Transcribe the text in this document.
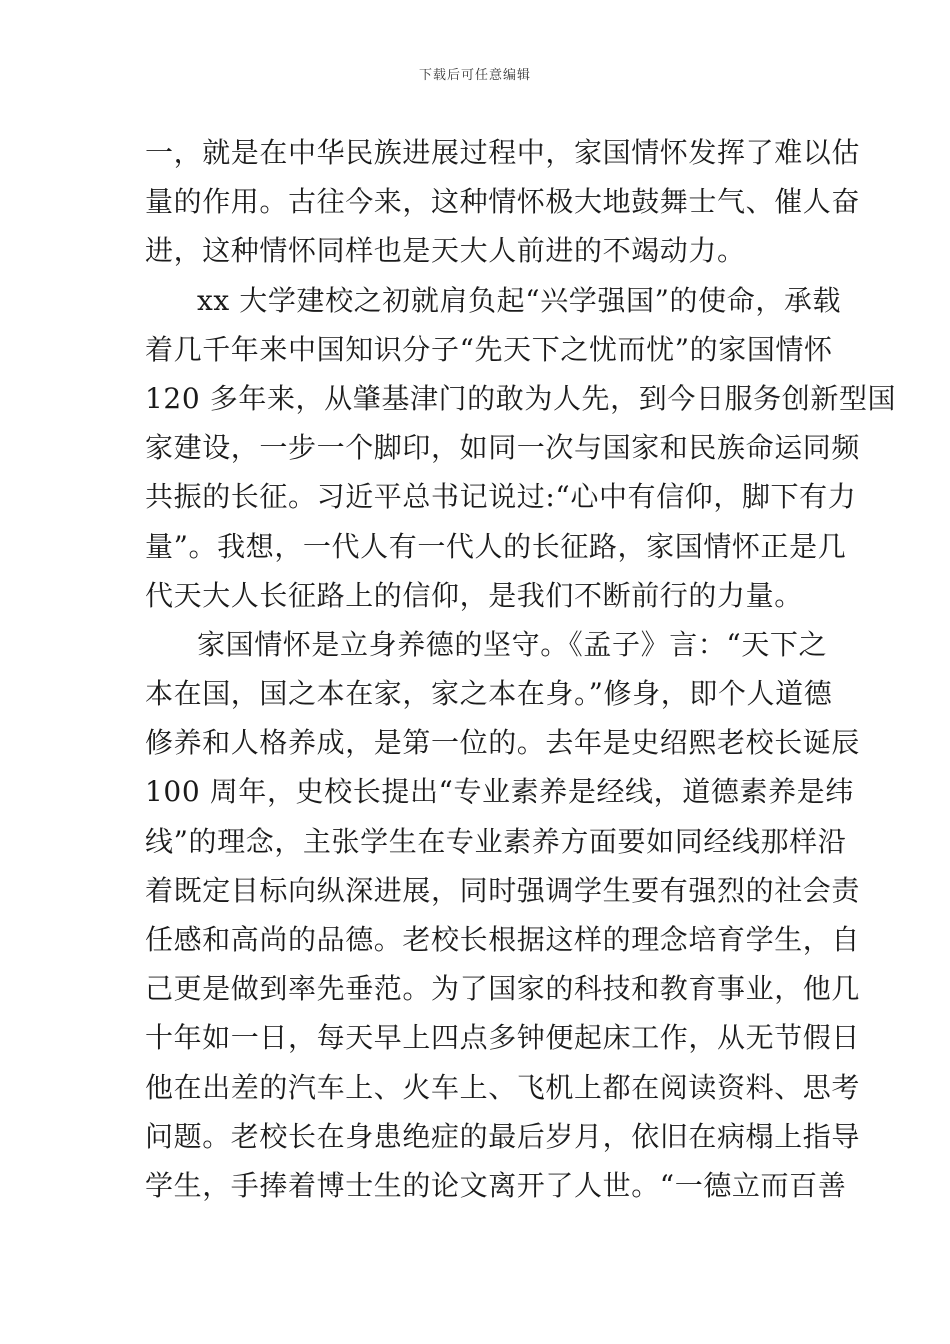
下载后可任意编辑
一，就是在中华民族进展过程中，家国情怀发挥了难以估
量的作用。古往今来，这种情怀极大地鼓舞士气、催人奋
进，这种情怀同样也是天大人前进的不竭动力。
xx 大学建校之初就肩负起“兴学强国”的使命，承载
着几千年来中国知识分子“先天下之忧而忧”的家国情怀
120 多年来，从肇基津门的敢为人先，到今日服务创新型国
家建设，一步一个脚印，如同一次与国家和民族命运同频
共振的长征。习近平总书记说过:“心中有信仰，脚下有力
量”。我想，一代人有一代人的长征路，家国情怀正是几
代天大人长征路上的信仰，是我们不断前行的力量。
家国情怀是立身养德的坚守。《孟子》言：“天下之
本在国，国之本在家，家之本在身。”修身，即个人道德
修养和人格养成，是第一位的。去年是史绍熙老校长诞辰
100 周年，史校长提出“专业素养是经线，道德素养是纬
线”的理念，主张学生在专业素养方面要如同经线那样沿
着既定目标向纵深进展，同时强调学生要有强烈的社会责
任感和高尚的品德。老校长根据这样的理念培育学生，自
己更是做到率先垂范。为了国家的科技和教育事业，他几
十年如一日，每天早上四点多钟便起床工作，从无节假日
他在出差的汽车上、火车上、飞机上都在阅读资料、思考
问题。老校长在身患绝症的最后岁月，依旧在病榻上指导
学生，手捧着博士生的论文离开了人世。“一德立而百善
